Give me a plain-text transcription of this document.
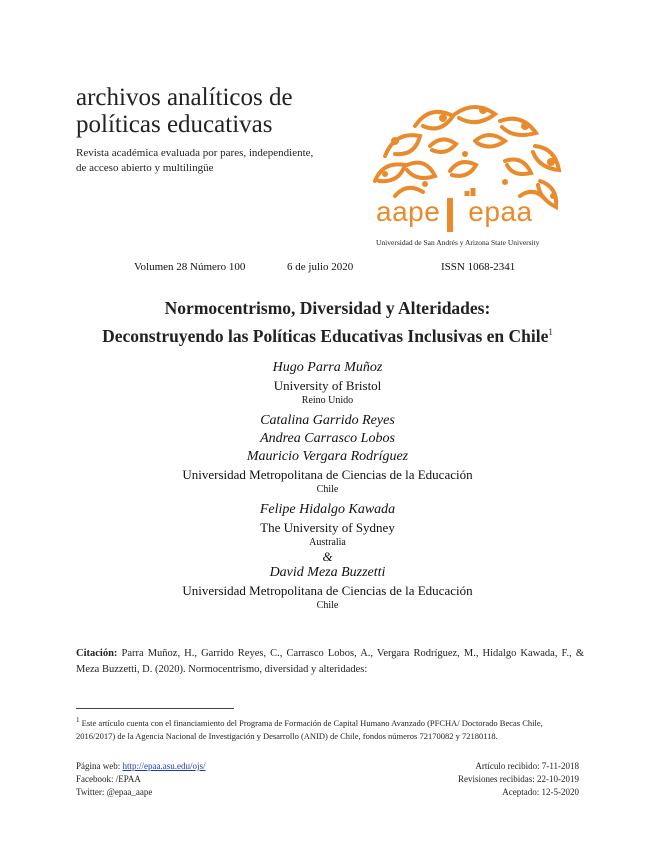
archivos analíticos de
políticas educativas
Revista académica evaluada por pares, independiente,
de acceso abierto y multilingüe
aape epaa
Universidad de San Andrés y Arizona State University
Volumen 28 Número 100	6 de julio 2020	ISSN 1068-2341
Normocentrismo, Diversidad y Alteridades:
Deconstruyendo las Políticas Educativas Inclusivas en Chile$^1$
Hugo Parra Muñoz
University of Bristol
Reino Unido
Catalina Garrido Reyes
Andrea Carrasco Lobos
Mauricio Vergara Rodríguez
Universidad Metropolitana de Ciencias de la Educación
Chile
Felipe Hidalgo Kawada
The University of Sydney
Australia
&
David Meza Buzzetti
Universidad Metropolitana de Ciencias de la Educación
Chile
Citación: Parra Muñoz, H., Garrido Reyes, C., Carrasco Lobos, A., Vergara Rodríguez, M., Hidalgo Kawada, F., & Meza Buzzetti, D. (2020). Normocentrismo, diversidad y alteridades:
$^1$ Este artículo cuenta con el financiamiento del Programa de Formación de Capital Humano Avanzado (PFCHA/ Doctorado Becas Chile, 2016/2017) de la Agencia Nacional de Investigación y Desarrollo (ANID) de Chile, fondos números 72170082 y 72180118.
Página web: http://epaa.asu.edu/ojs/
Facebook: /EPAA
Twitter: @epaa_aape
Artículo recibido: 7-11-2018
Revisiones recibidas: 22-10-2019
Aceptado: 12-5-2020
